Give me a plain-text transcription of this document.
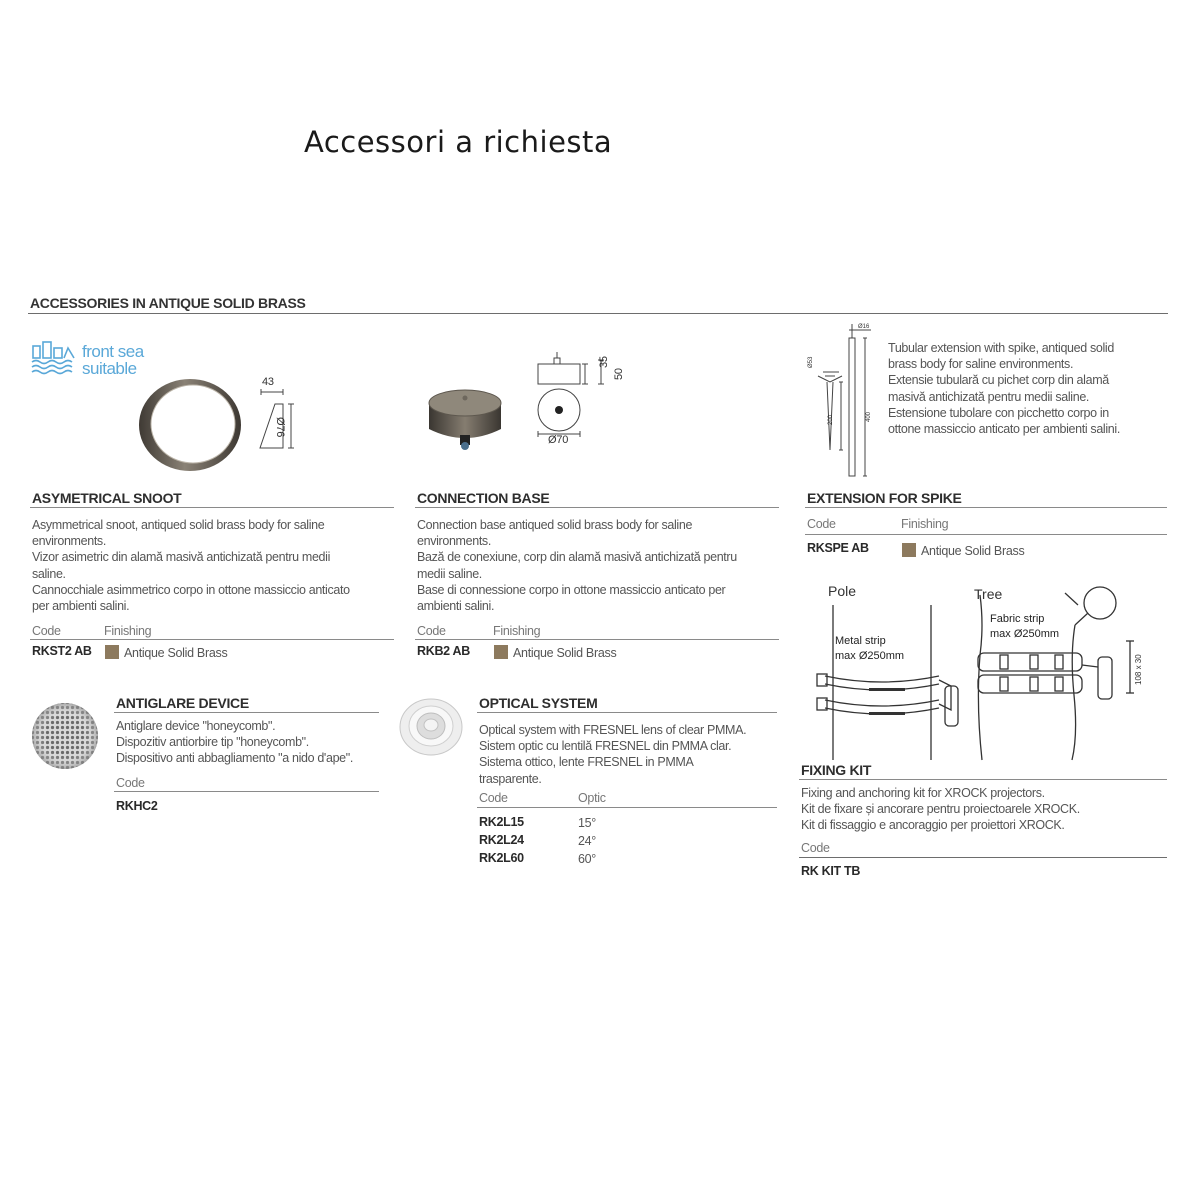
Accessori a richiesta
ACCESSORIES IN ANTIQUE SOLID BRASS
front sea
suitable
43
Ø76
35
50
Ø70
Ø16
Ø53
200	400
Tubular extension with spike, antiqued solid
brass body for saline environments.
Extensie tubulară cu pichet corp din alamă
masivă antichizată pentru medii saline.
Estensione tubolare con picchetto corpo in
ottone massiccio anticato per ambienti salini.
ASYMETRICAL SNOOT
Asymmetrical snoot, antiqued solid brass body for saline
environments.
Vizor asimetric din alamă masivă antichizată pentru medii
saline.
Cannocchiale asimmetrico corpo in ottone massiccio anticato
per ambienti salini.
Code	Finishing
RKST2 AB	Antique Solid Brass
CONNECTION BASE
Connection base antiqued solid brass body for saline
environments.
Bază de conexiune, corp din alamă masivă antichizată pentru
medii saline.
Base di connessione corpo in ottone massiccio anticato per
ambienti salini.
Code	Finishing
RKB2 AB	Antique Solid Brass
EXTENSION FOR SPIKE
Code	Finishing
RKSPE AB	Antique Solid Brass
ANTIGLARE DEVICE
Antiglare device "honeycomb".
Dispozitiv antiorbire tip "honeycomb".
Dispositivo anti abbagliamento "a nido d'ape".
Code
RKHC2
OPTICAL SYSTEM
Optical system with FRESNEL lens of clear PMMA.
Sistem optic cu lentilă FRESNEL din PMMA clar.
Sistema ottico, lente FRESNEL in PMMA
trasparente.
Code	Optic
RK2L15	15°
RK2L24	24°
RK2L60	60°
Pole	Tree
Metal strip
max Ø250mm
Fabric strip
max Ø250mm
108 x 30
FIXING KIT
Fixing and anchoring kit for XROCK projectors.
Kit de fixare și ancorare pentru proiectoarele XROCK.
Kit di fissaggio e ancoraggio per proiettori XROCK.
Code
RK KIT TB
